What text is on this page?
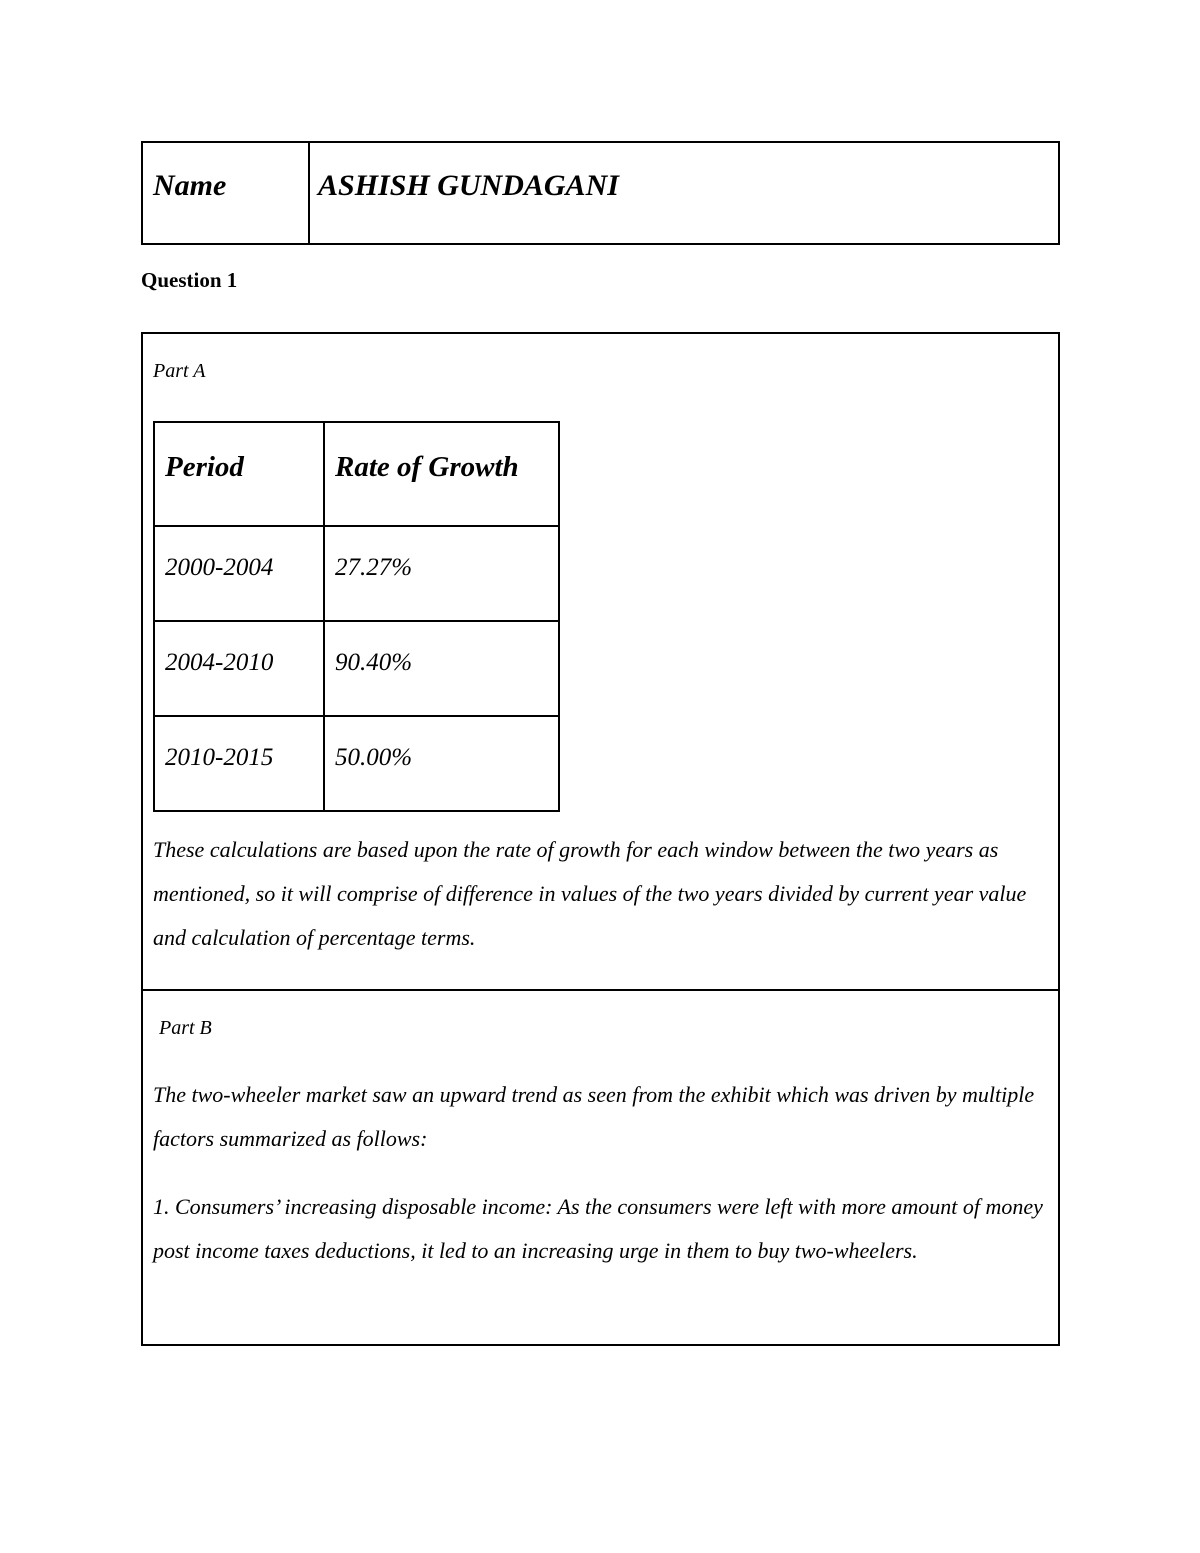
Name	ASHISH GUNDAGANI
Question 1
Part A
Period	Rate of Growth
2000-2004	27.27%
2004-2010	90.40%
2010-2015	50.00%

These calculations are based upon the rate of growth for each window between the two years as mentioned, so it will comprise of difference in values of the two years divided by current year value and calculation of percentage terms.

Part B

The two-wheeler market saw an upward trend as seen from the exhibit which was driven by multiple factors summarized as follows:

1. Consumers’ increasing disposable income: As the consumers were left with more amount of money post income taxes deductions, it led to an increasing urge in them to buy two-wheelers.
